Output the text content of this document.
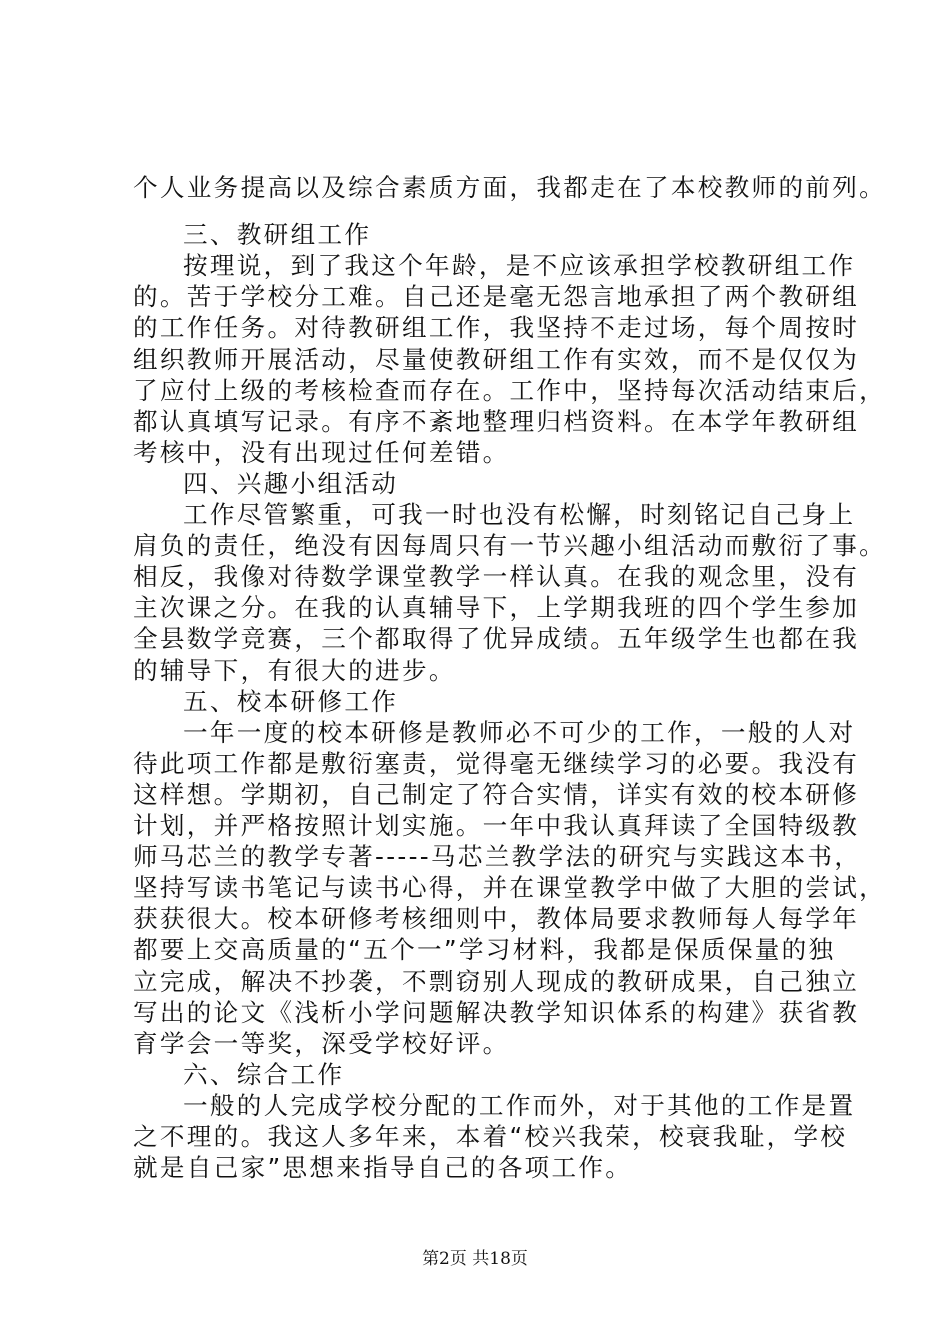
个人业务提高以及综合素质方面，我都走在了本校教师的前列。
三、教研组工作
按理说，到了我这个年龄，是不应该承担学校教研组工作
的。苦于学校分工难。自己还是毫无怨言地承担了两个教研组
的工作任务。对待教研组工作，我坚持不走过场，每个周按时
组织教师开展活动，尽量使教研组工作有实效，而不是仅仅为
了应付上级的考核检查而存在。工作中，坚持每次活动结束后，
都认真填写记录。有序不紊地整理归档资料。在本学年教研组
考核中，没有出现过任何差错。
四、兴趣小组活动
工作尽管繁重，可我一时也没有松懈，时刻铭记自己身上
肩负的责任，绝没有因每周只有一节兴趣小组活动而敷衍了事。
相反，我像对待数学课堂教学一样认真。在我的观念里，没有
主次课之分。在我的认真辅导下，上学期我班的四个学生参加
全县数学竞赛，三个都取得了优异成绩。五年级学生也都在我
的辅导下，有很大的进步。
五、校本研修工作
一年一度的校本研修是教师必不可少的工作，一般的人对
待此项工作都是敷衍塞责，觉得毫无继续学习的必要。我没有
这样想。学期初，自己制定了符合实情，详实有效的校本研修
计划，并严格按照计划实施。一年中我认真拜读了全国特级教
师马芯兰的教学专著-----马芯兰教学法的研究与实践这本书，
坚持写读书笔记与读书心得，并在课堂教学中做了大胆的尝试，
获获很大。校本研修考核细则中，教体局要求教师每人每学年
都要上交高质量的“五个一”学习材料，我都是保质保量的独
立完成，解决不抄袭，不剽窃别人现成的教研成果，自己独立
写出的论文《浅析小学问题解决教学知识体系的构建》获省教
育学会一等奖，深受学校好评。
六、综合工作
一般的人完成学校分配的工作而外，对于其他的工作是置
之不理的。我这人多年来，本着“校兴我荣，校衰我耻，学校
就是自己家”思想来指导自己的各项工作。
第2页 共18页
